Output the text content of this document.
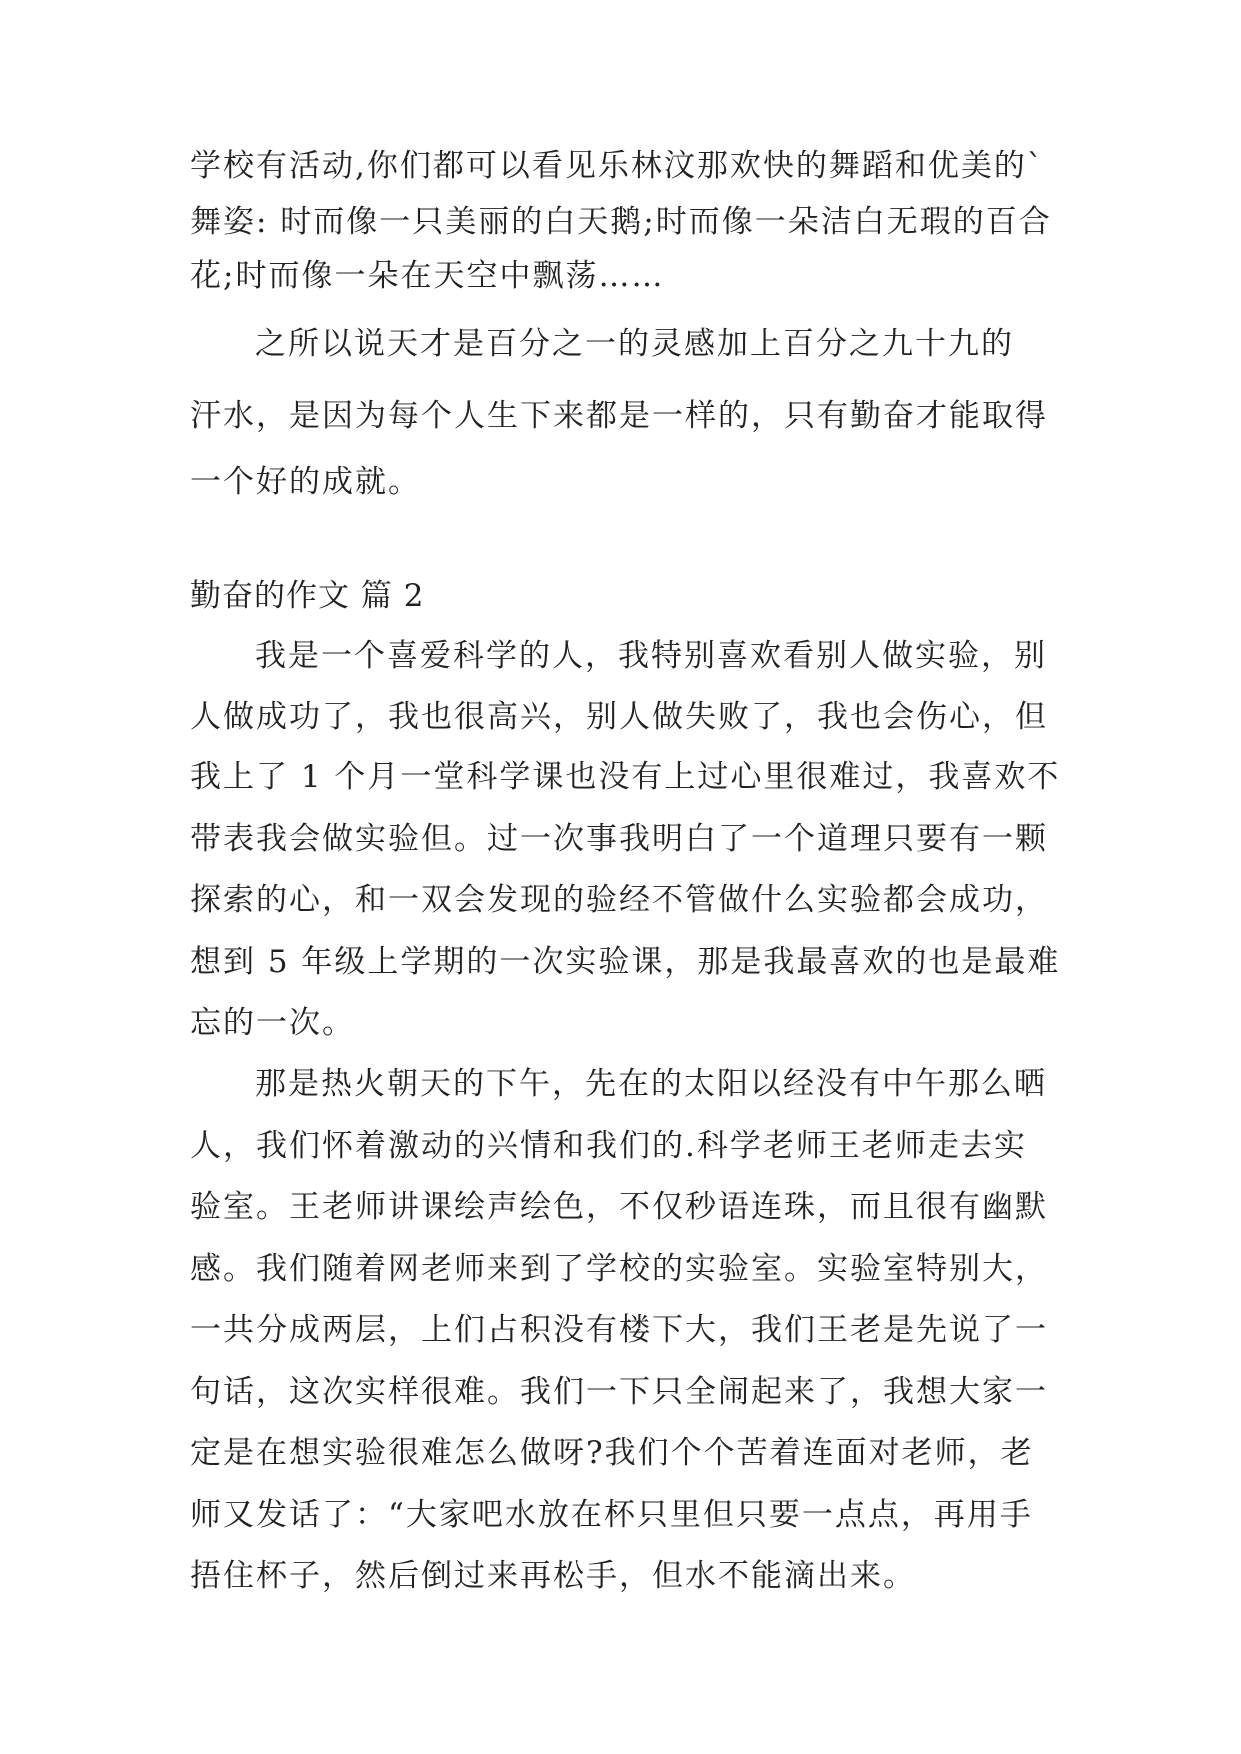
学校有活动,你们都可以看见乐林汶那欢快的舞蹈和优美的`
舞姿: 时而像一只美丽的白天鹅;时而像一朵洁白无瑕的百合
花;时而像一朵在天空中飘荡……
之所以说天才是百分之一的灵感加上百分之九十九的
汗水，是因为每个人生下来都是一样的，只有勤奋才能取得
一个好的成就。
勤奋的作文 篇 2
我是一个喜爱科学的人，我特别喜欢看别人做实验，别
人做成功了，我也很高兴，别人做失败了，我也会伤心，但
我上了 1 个月一堂科学课也没有上过心里很难过，我喜欢不
带表我会做实验但。过一次事我明白了一个道理只要有一颗
探索的心，和一双会发现的验经不管做什么实验都会成功，
想到 5 年级上学期的一次实验课，那是我最喜欢的也是最难
忘的一次。
那是热火朝天的下午，先在的太阳以经没有中午那么晒
人，我们怀着激动的兴情和我们的.科学老师王老师走去实
验室。王老师讲课绘声绘色，不仅秒语连珠，而且很有幽默
感。我们随着网老师来到了学校的实验室。实验室特别大，
一共分成两层，上们占积没有楼下大，我们王老是先说了一
句话，这次实样很难。我们一下只全闹起来了，我想大家一
定是在想实验很难怎么做呀?我们个个苦着连面对老师，老
师又发话了：“大家吧水放在杯只里但只要一点点，再用手
捂住杯子，然后倒过来再松手，但水不能滴出来。
